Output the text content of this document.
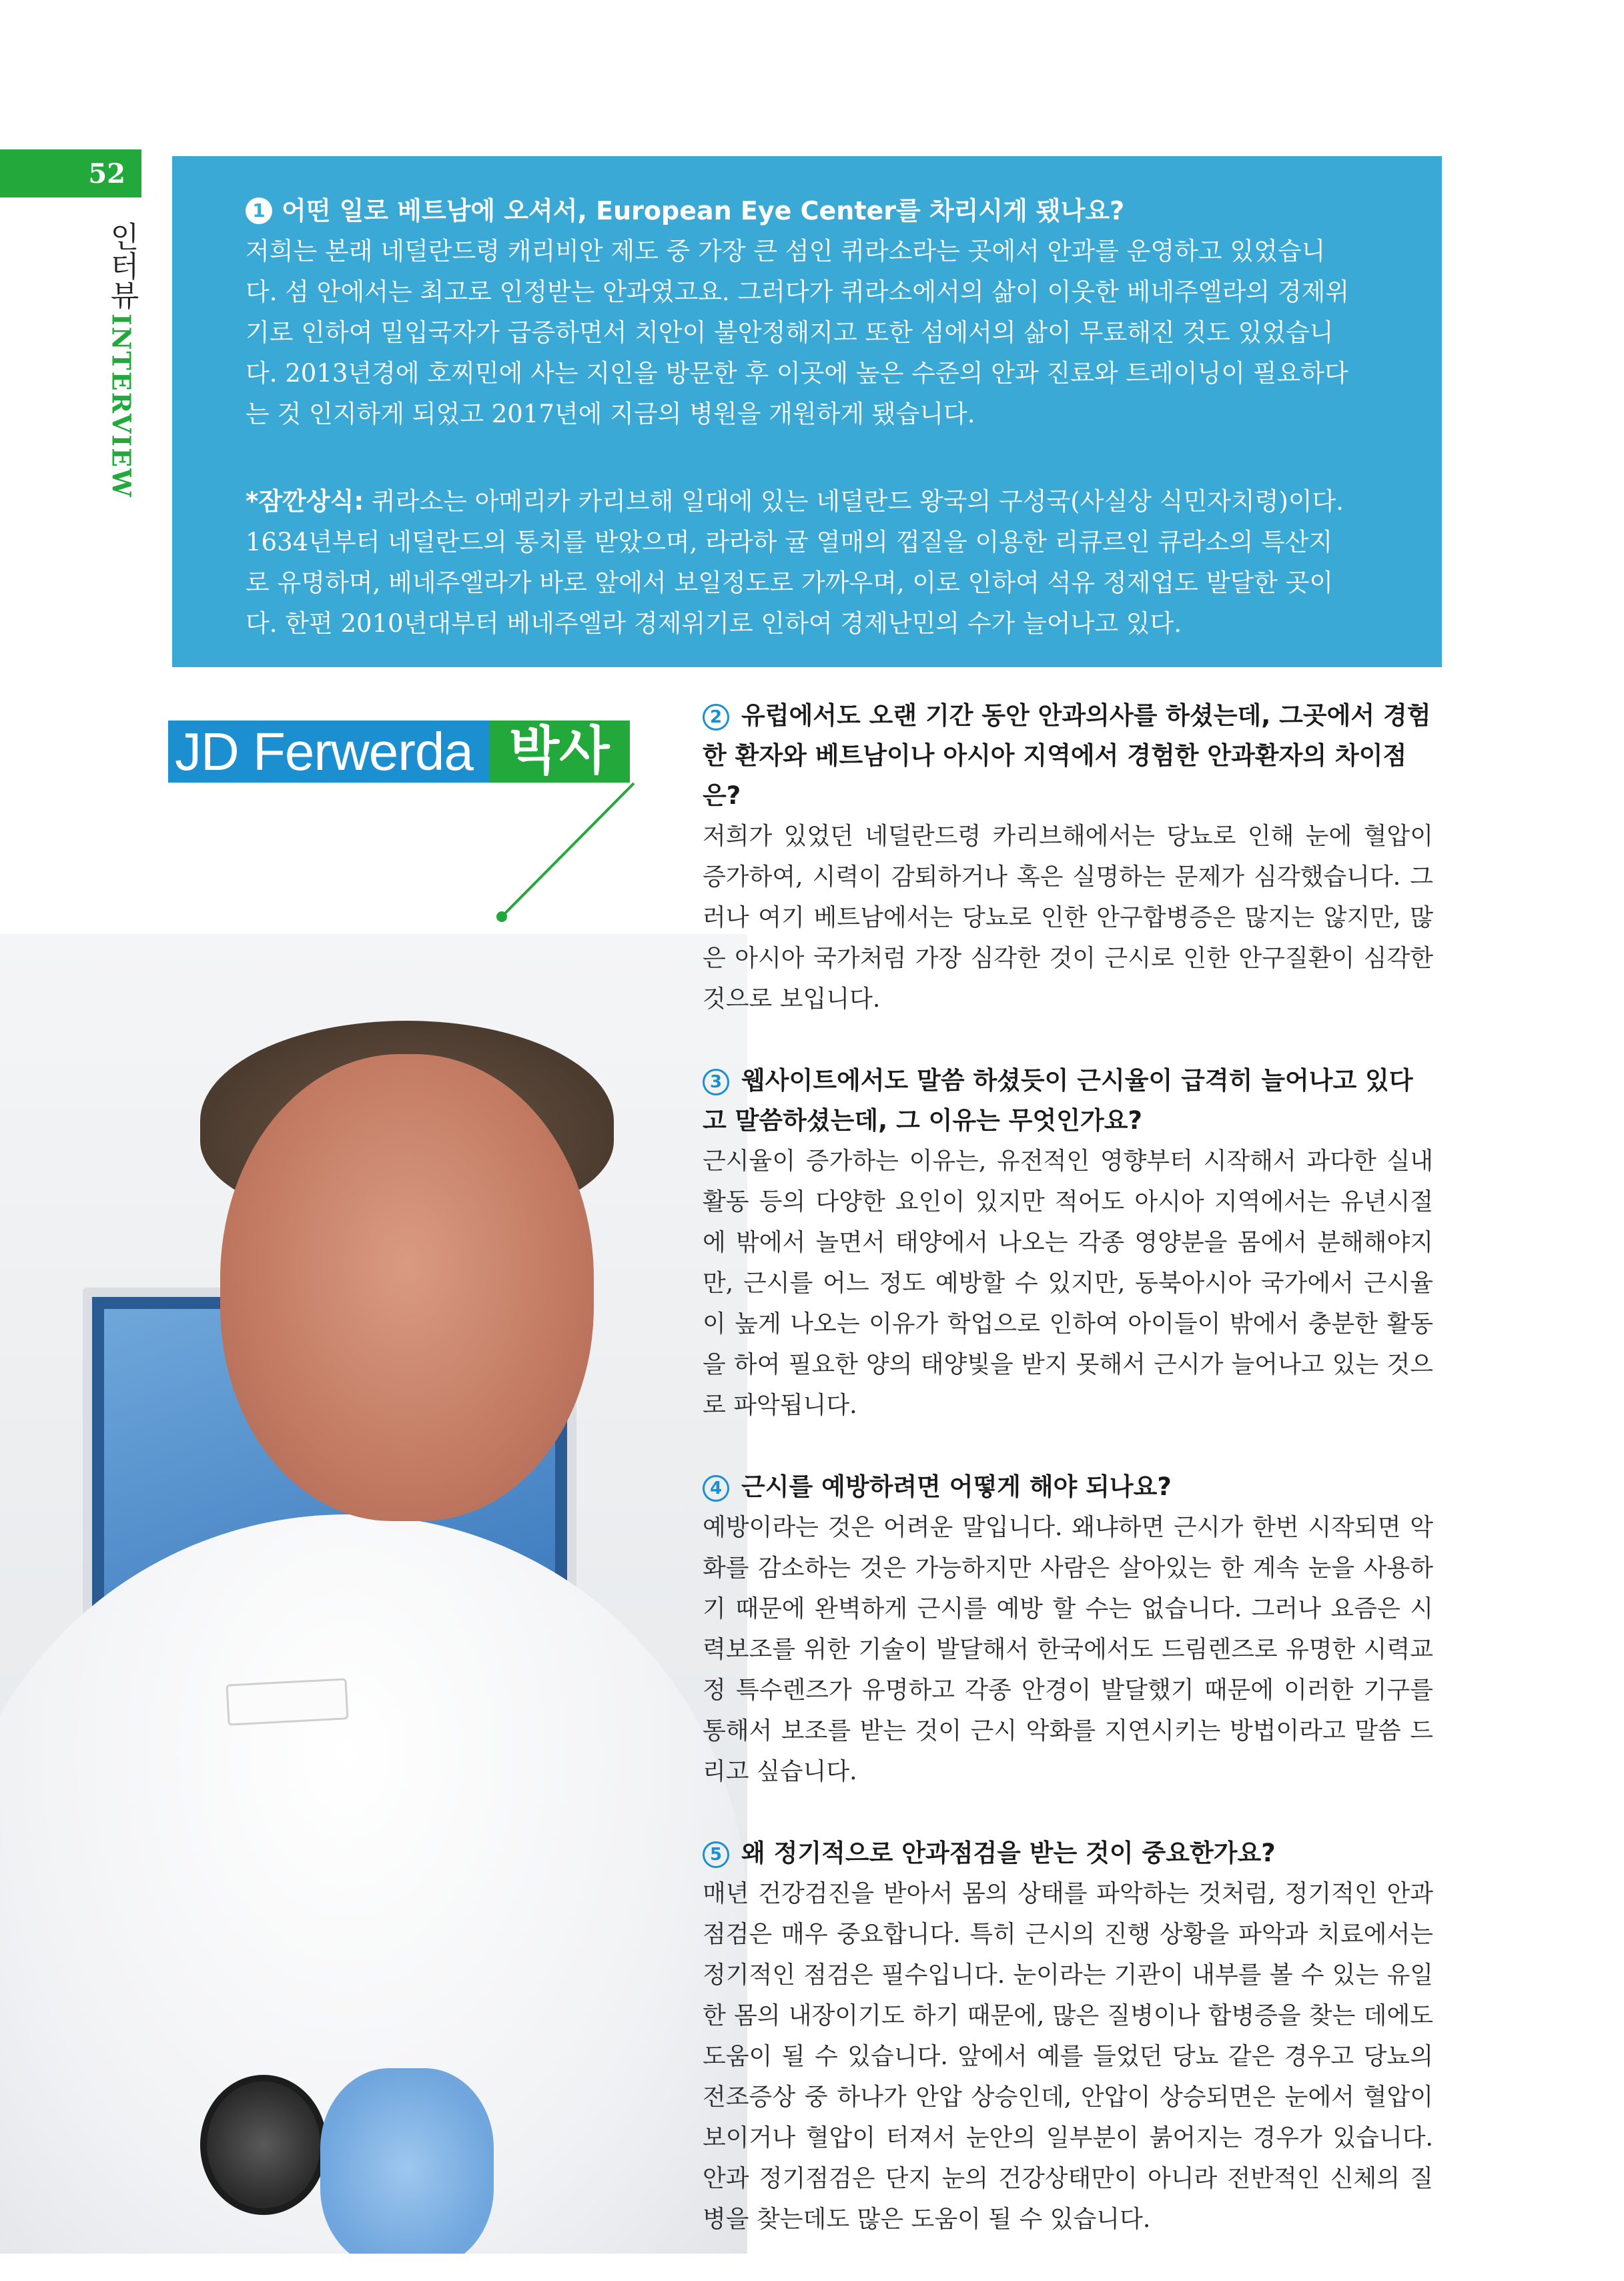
52
인터뷰
INTERVIEW
1 어떤 일로 베트남에 오셔서, European Eye Center를 차리시게 됐나요?

저희는 본래 네덜란드령 캐리비안 제도 중 가장 큰 섬인 퀴라소라는 곳에서 안과를 운영하고 있었습니다. 섬 안에서는 최고로 인정받는 안과였고요. 그러다가 퀴라소에서의 삶이 이웃한 베네주엘라의 경제위기로 인하여 밀입국자가 급증하면서 치안이 불안정해지고 또한 섬에서의 삶이 무료해진 것도 있었습니다. 2013년경에 호찌민에 사는 지인을 방문한 후 이곳에 높은 수준의 안과 진료와 트레이닝이 필요하다는 것 인지하게 되었고 2017년에 지금의 병원을 개원하게 됐습니다.

*잠깐상식: 퀴라소는 아메리카 카리브해 일대에 있는 네덜란드 왕국의 구성국(사실상 식민자치령)이다. 1634년부터 네덜란드의 통치를 받았으며, 라라하 귤 열매의 껍질을 이용한 리큐르인 큐라소의 특산지로 유명하며, 베네주엘라가 바로 앞에서 보일정도로 가까우며, 이로 인하여 석유 정제업도 발달한 곳이다. 한편 2010년대부터 베네주엘라 경제위기로 인하여 경제난민의 수가 늘어나고 있다.

JD Ferwerda 박사
2 유럽에서도 오랜 기간 동안 안과의사를 하셨는데, 그곳에서 경험한 환자와 베트남이나 아시아 지역에서 경험한 안과환자의 차이점은?

저희가 있었던 네덜란드령 카리브해에서는 당뇨로 인해 눈에 혈압이 증가하여, 시력이 감퇴하거나 혹은 실명하는 문제가 심각했습니다. 그러나 여기 베트남에서는 당뇨로 인한 안구합병증은 많지는 않지만, 많은 아시아 국가처럼 가장 심각한 것이 근시로 인한 안구질환이 심각한 것으로 보입니다.

3 웹사이트에서도 말씀 하셨듯이 근시율이 급격히 늘어나고 있다고 말씀하셨는데, 그 이유는 무엇인가요?

근시율이 증가하는 이유는, 유전적인 영향부터 시작해서 과다한 실내활동 등의 다양한 요인이 있지만 적어도 아시아 지역에서는 유년시절에 밖에서 놀면서 태양에서 나오는 각종 영양분을 몸에서 분해해야지만, 근시를 어느 정도 예방할 수 있지만, 동북아시아 국가에서 근시율이 높게 나오는 이유가 학업으로 인하여 아이들이 밖에서 충분한 활동을 하여 필요한 양의 태양빛을 받지 못해서 근시가 늘어나고 있는 것으로 파악됩니다.

4 근시를 예방하려면 어떻게 해야 되나요?

예방이라는 것은 어려운 말입니다. 왜냐하면 근시가 한번 시작되면 악화를 감소하는 것은 가능하지만 사람은 살아있는 한 계속 눈을 사용하기 때문에 완벽하게 근시를 예방 할 수는 없습니다. 그러나 요즘은 시력보조를 위한 기술이 발달해서 한국에서도 드림렌즈로 유명한 시력교정 특수렌즈가 유명하고 각종 안경이 발달했기 때문에 이러한 기구를 통해서 보조를 받는 것이 근시 악화를 지연시키는 방법이라고 말씀 드리고 싶습니다.

5 왜 정기적으로 안과점검을 받는 것이 중요한가요?

매년 건강검진을 받아서 몸의 상태를 파악하는 것처럼, 정기적인 안과점검은 매우 중요합니다. 특히 근시의 진행 상황을 파악과 치료에서는 정기적인 점검은 필수입니다. 눈이라는 기관이 내부를 볼 수 있는 유일한 몸의 내장이기도 하기 때문에, 많은 질병이나 합병증을 찾는 데에도 도움이 될 수 있습니다. 앞에서 예를 들었던 당뇨 같은 경우고 당뇨의 전조증상 중 하나가 안압 상승인데, 안압이 상승되면은 눈에서 혈압이 보이거나 혈압이 터져서 눈안의 일부분이 붉어지는 경우가 있습니다. 안과 정기점검은 단지 눈의 건강상태만이 아니라 전반적인 신체의 질병을 찾는데도 많은 도움이 될 수 있습니다.
